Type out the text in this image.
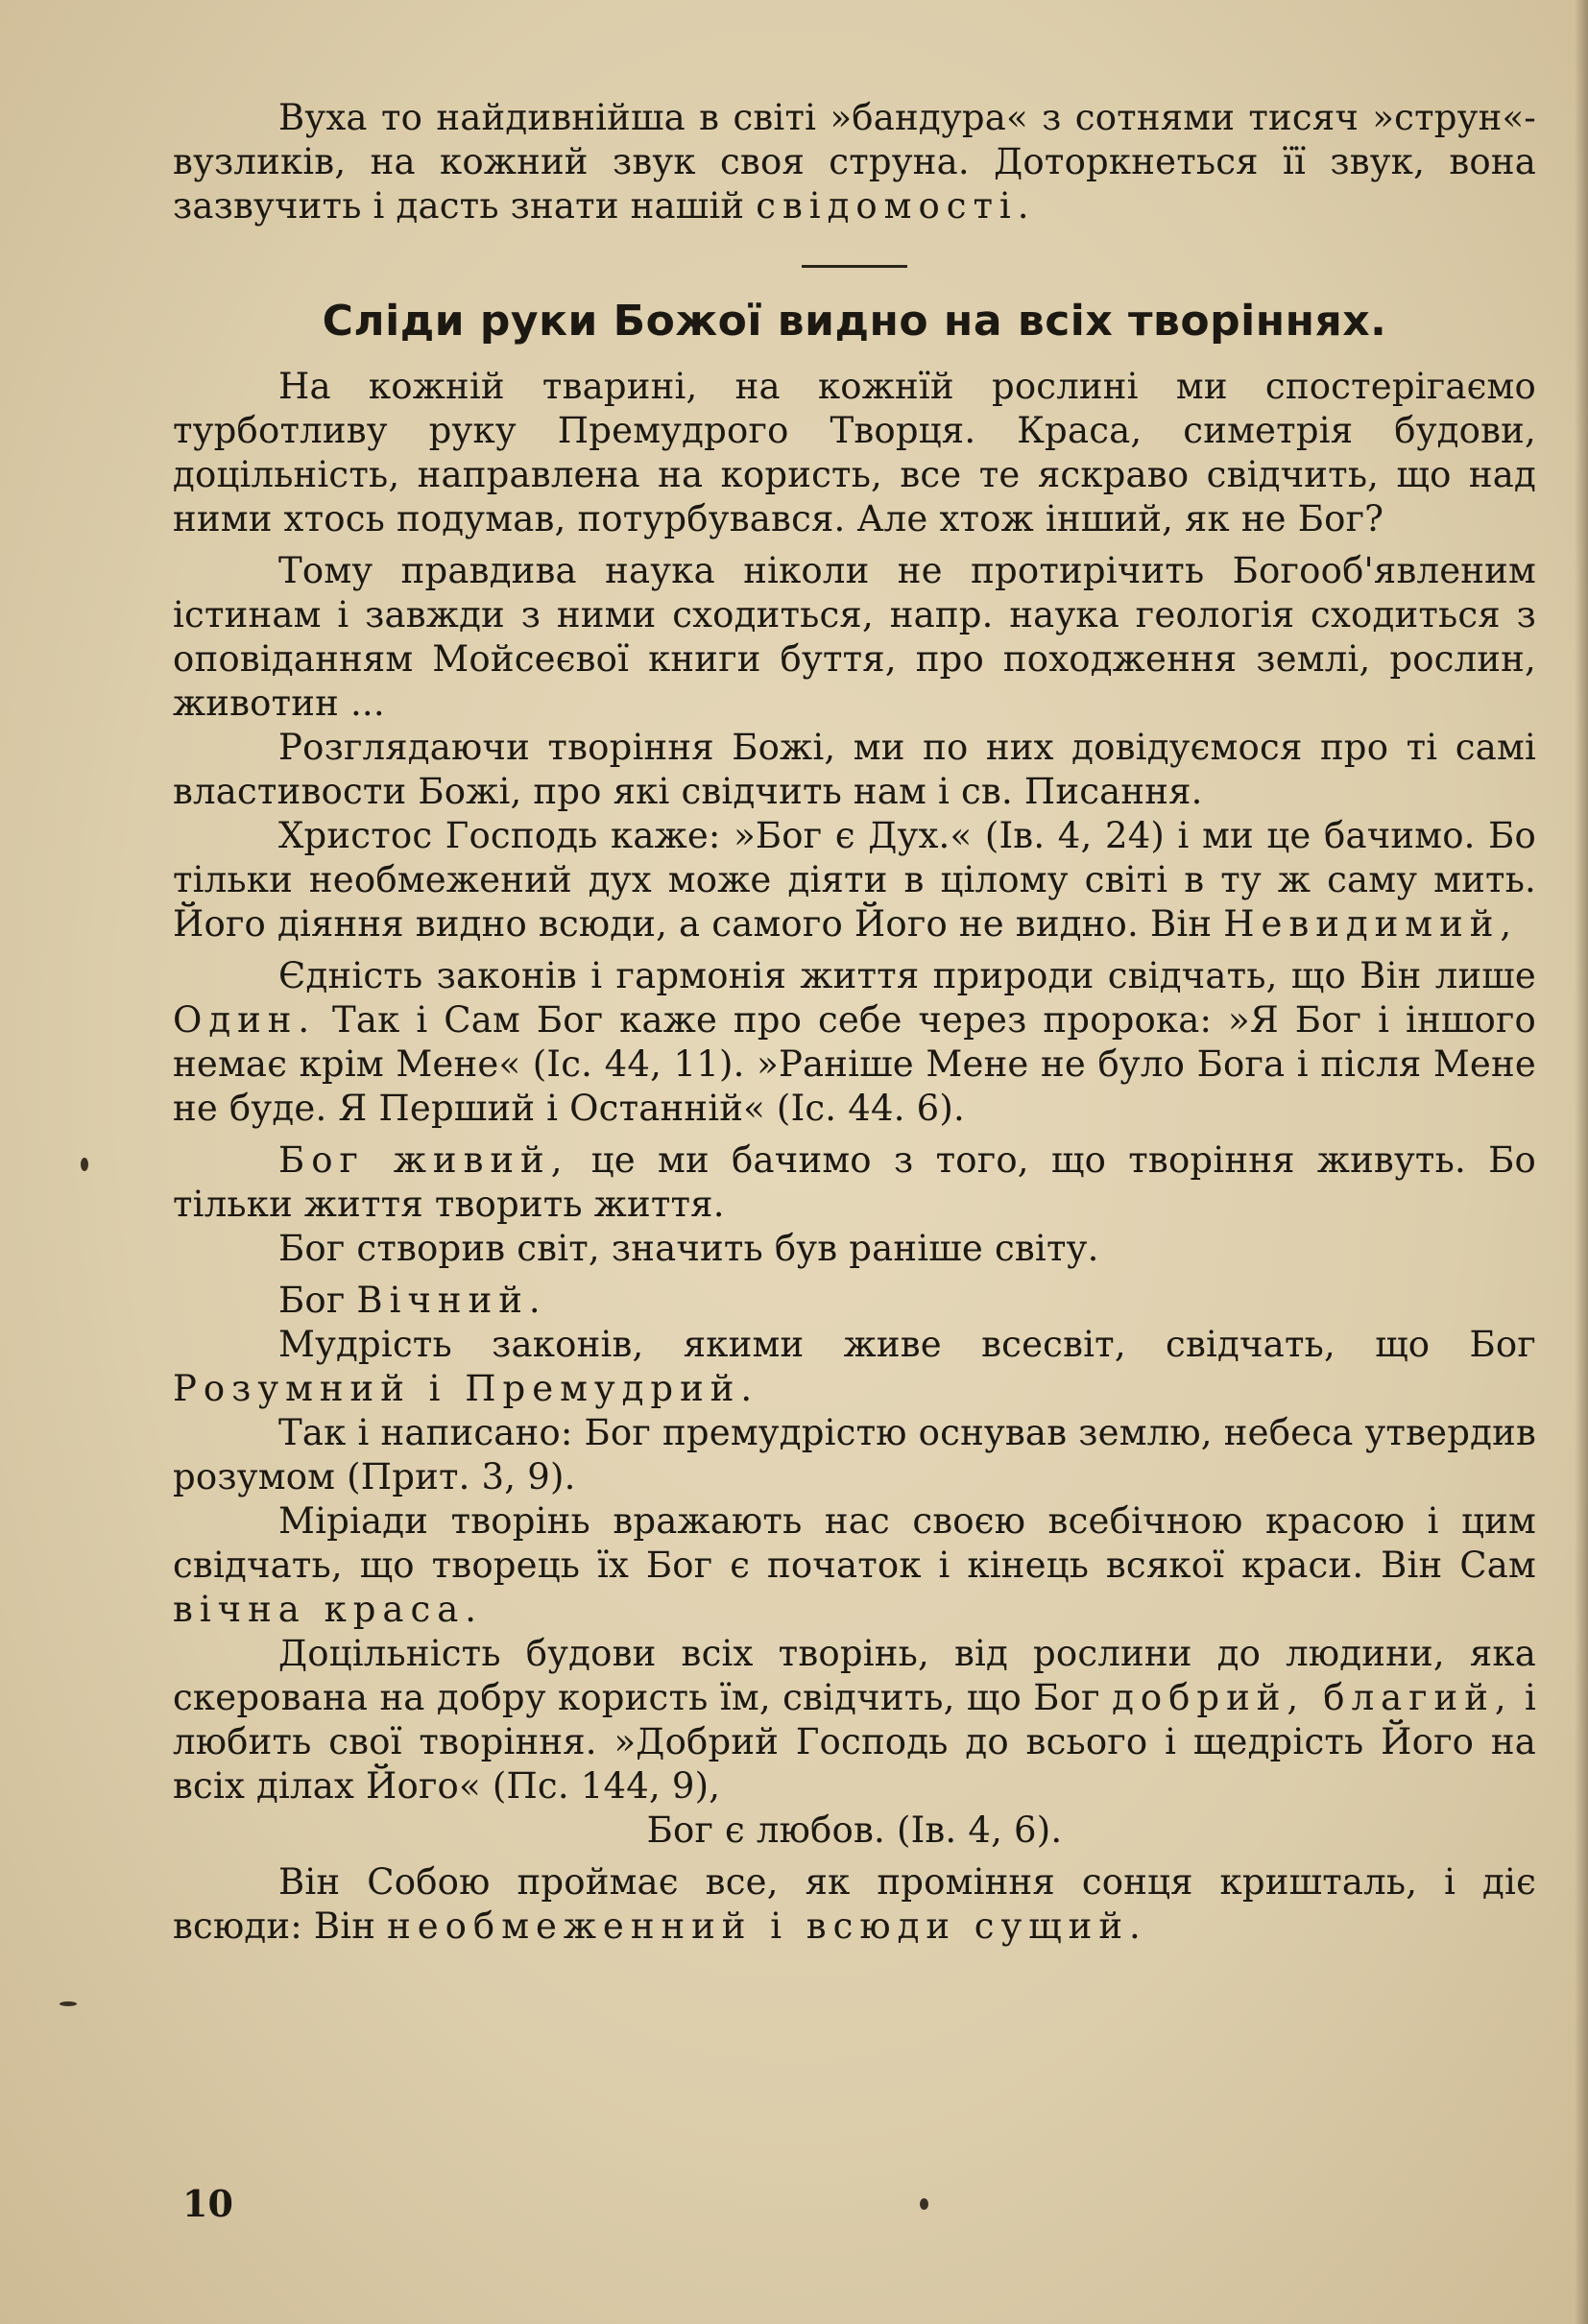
Вуха то найдивнійша в світі »бандура« з сотнями тисяч »струн«- вузликів, на кожний звук своя струна. Доторкнеться її звук, вона зазвучить і дасть знати нашій свідомості.

Сліди руки Божої видно на всіх творіннях.

На кожній тварині, на кожнїй рослині ми спостерігаємо турботливу руку Премудрого Творця. Краса, симетрія будови, доцільність, направлена на користь, все те яскраво свідчить, що над ними хтось подумав, потурбувався. Але хтож інший, як не Бог?

Тому правдива наука ніколи не протирічить Богооб'явленим істинам і завжди з ними сходиться, напр. наука геологія сходиться з оповіданням Мойсеєвої книги буття, про походження землі, рослин, животин ...

Розглядаючи творіння Божі, ми по них довідуємося про ті самі властивости Божі, про які свідчить нам і св. Писання.

Христос Господь каже: »Бог є Дух.« (Ів. 4, 24) і ми це бачимо. Бо тільки необмежений дух може діяти в цілому світі в ту ж саму мить. Його діяння видно всюди, а самого Його не видно. Він Невидимий,

Єдність законів і гармонія життя природи свідчать, що Він лише Один. Так і Сам Бог каже про себе через пророка: »Я Бог і іншого немає крім Мене« (Іс. 44, 11). »Раніше Мене не було Бога і після Мене не буде. Я Перший і Останній« (Іс. 44. 6).

Бог живий, це ми бачимо з того, що творіння живуть. Бо тільки життя творить життя.

Бог створив світ, значить був раніше світу.

Бог Вічний.

Мудрість законів, якими живе всесвіт, свідчать, що Бог Розумний і Премудрий.

Так і написано: Бог премудрістю оснував землю, небеса утвердив розумом (Прит. 3, 9).

Міріади творінь вражають нас своєю всебічною красою і цим свідчать, що творець їх Бог є початок і кінець всякої краси. Він Сам вічна краса.

Доцільність будови всіх творінь, від рослини до людини, яка скерована на добру користь їм, свідчить, що Бог добрий, благий, і любить свої творіння. »Добрий Господь до всього і щедрість Його на всіх ділах Його« (Пс. 144, 9),

Бог є любов. (Ів. 4, 6).

Він Собою проймає все, як проміння сонця кришталь, і діє всюди: Він необмеженний і всюди сущий.

10
